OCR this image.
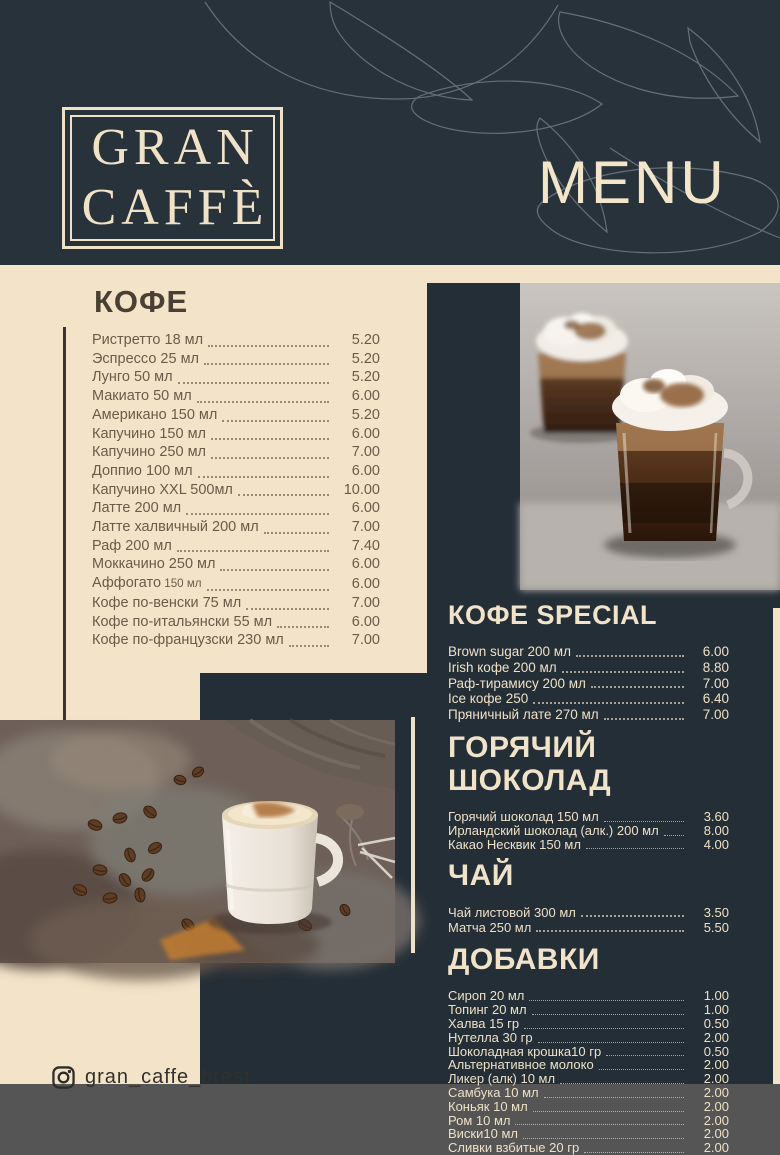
GRAN
CAFFÈ	MENU
КОФЕ SPECIAL
Brown sugar 200 мл	6.00
Irish кофе 200 мл	8.80
Раф-тирамису 200 мл	7.00
Ice кофе 250	6.40
Пряничный лате 270 мл	7.00
ГОРЯЧИЙ ШОКОЛАД
Горячий шоколад 150 мл	3.60
Ирландский шоколад (алк.) 200 мл	8.00
Какао Несквик 150 мл	4.00
ЧАЙ
Чай листовой 300 мл	3.50
Матча 250 мл	5.50
ДОБАВКИ
Сироп 20 мл	1.00
Топинг 20 мл	1.00
Халва 15 гр	0.50
Нутелла 30 гр	2.00
Шоколадная крошка10 гр	0.50
Альтернативное молоко	2.00
Ликер (алк) 10 мл	2.00
Самбука 10 мл	2.00
Коньяк 10 мл	2.00
Ром 10 мл	2.00
Виски10 мл	2.00
Сливки взбитые 20 гр	2.00
КОФЕ
Ристретто 18 мл	5.20
Эспрессо 25 мл	5.20
Лунго 50 мл	5.20
Макиато 50 мл	6.00
Американо 150 мл	5.20
Капучино 150 мл	6.00
Капучино 250 мл	7.00
Доппио 100 мл	6.00
Капучино XXL 500мл	10.00
Латте 200 мл	6.00
Латте халвичный 200 мл	7.00
Раф 200 мл	7.40
Моккачино 250 мл	6.00
Аффогато 150 мл	6.00
Кофе по-венски 75 мл	7.00
Кофе по-итальянски 55 мл	6.00
Кофе по-французски 230 мл	7.00
gran_caffe_brest
